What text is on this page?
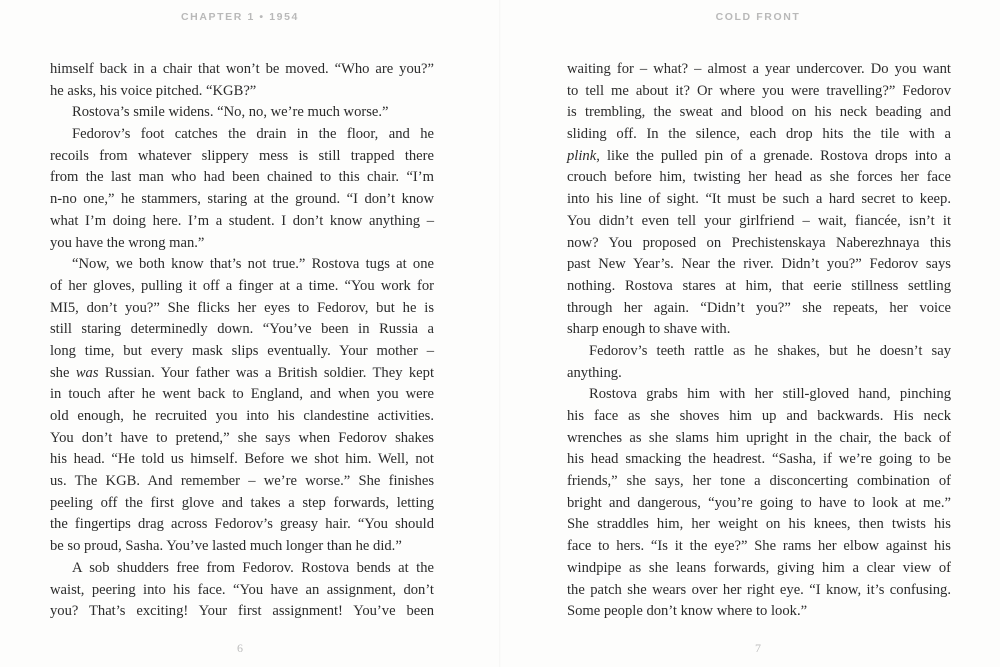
CHAPTER 1 • 1954
himself back in a chair that won’t be moved. “Who are you?”
he asks, his voice pitched. “KGB?”
Rostova’s smile widens. “No, no, we’re much worse.”
Fedorov’s foot catches the drain in the floor, and he
recoils from whatever slippery mess is still trapped there
from the last man who had been chained to this chair. “I’m
n-no one,” he stammers, staring at the ground. “I don’t know
what I’m doing here. I’m a student. I don’t know anything –
you have the wrong man.”
“Now, we both know that’s not true.” Rostova tugs at one
of her gloves, pulling it off a finger at a time. “You work for
MI5, don’t you?” She flicks her eyes to Fedorov, but he is
still staring determinedly down. “You’ve been in Russia a
long time, but every mask slips eventually. Your mother –
she was Russian. Your father was a British soldier. They kept
in touch after he went back to England, and when you were
old enough, he recruited you into his clandestine activities.
You don’t have to pretend,” she says when Fedorov shakes
his head. “He told us himself. Before we shot him. Well, not
us. The KGB. And remember – we’re worse.” She finishes
peeling off the first glove and takes a step forwards, letting
the fingertips drag across Fedorov’s greasy hair. “You should
be so proud, Sasha. You’ve lasted much longer than he did.”
A sob shudders free from Fedorov. Rostova bends at the
waist, peering into his face. “You have an assignment, don’t
you? That’s exciting! Your first assignment! You’ve been
6
COLD FRONT
waiting for – what? – almost a year undercover. Do you want
to tell me about it? Or where you were travelling?” Fedorov
is trembling, the sweat and blood on his neck beading and
sliding off. In the silence, each drop hits the tile with a
plink, like the pulled pin of a grenade. Rostova drops into a
crouch before him, twisting her head as she forces her face
into his line of sight. “It must be such a hard secret to keep.
You didn’t even tell your girlfriend – wait, fiancée, isn’t it
now? You proposed on Prechistenskaya Naberezhnaya this
past New Year’s. Near the river. Didn’t you?” Fedorov says
nothing. Rostova stares at him, that eerie stillness settling
through her again. “Didn’t you?” she repeats, her voice
sharp enough to shave with.
Fedorov’s teeth rattle as he shakes, but he doesn’t say
anything.
Rostova grabs him with her still-gloved hand, pinching
his face as she shoves him up and backwards. His neck
wrenches as she slams him upright in the chair, the back of
his head smacking the headrest. “Sasha, if we’re going to be
friends,” she says, her tone a disconcerting combination of
bright and dangerous, “you’re going to have to look at me.”
She straddles him, her weight on his knees, then twists his
face to hers. “Is it the eye?” She rams her elbow against his
windpipe as she leans forwards, giving him a clear view of
the patch she wears over her right eye. “I know, it’s confusing.
Some people don’t know where to look.”
7
